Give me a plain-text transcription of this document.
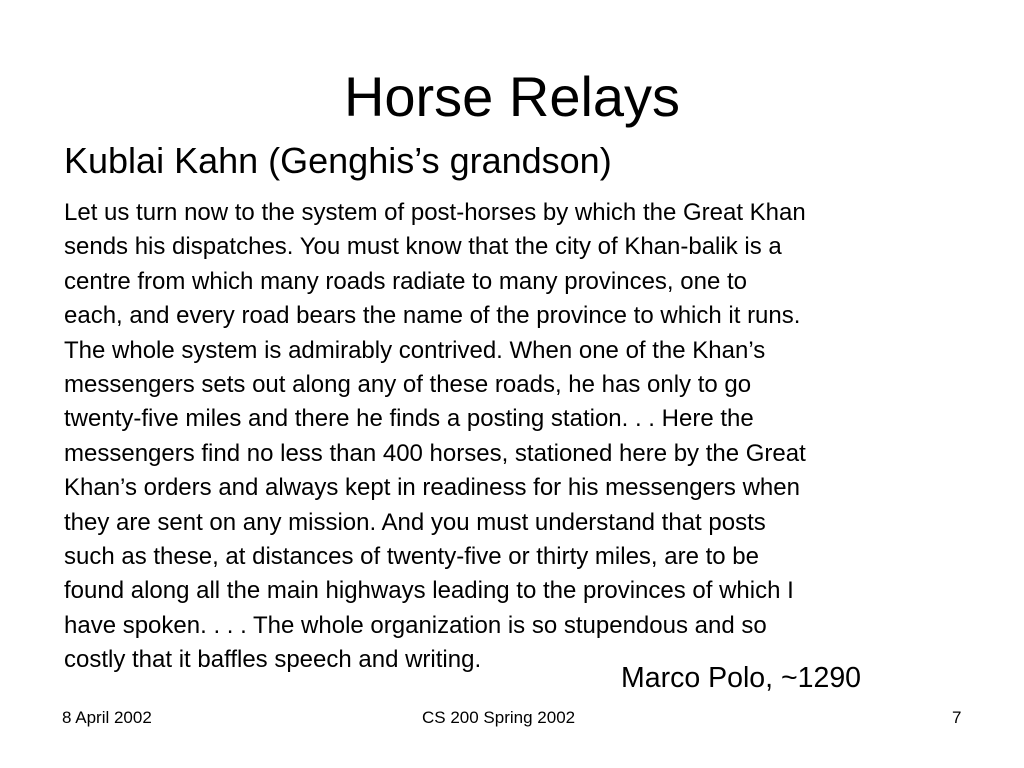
Horse Relays
Kublai Kahn (Genghis’s grandson)

Let us turn now to the system of post-horses by which the Great Khan
sends his dispatches. You must know that the city of Khan-balik is a
centre from which many roads radiate to many provinces, one to
each, and every road bears the name of the province to which it runs.
The whole system is admirably contrived. When one of the Khan’s
messengers sets out along any of these roads, he has only to go
twenty-five miles and there he finds a posting station. . . Here the
messengers find no less than 400 horses, stationed here by the Great
Khan’s orders and always kept in readiness for his messengers when
they are sent on any mission. And you must understand that posts
such as these, at distances of twenty-five or thirty miles, are to be
found along all the main highways leading to the provinces of which I
have spoken. . . . The whole organization is so stupendous and so
costly that it baffles speech and writing.

Marco Polo, ~1290
8 April 2002	CS 200 Spring 2002	7
